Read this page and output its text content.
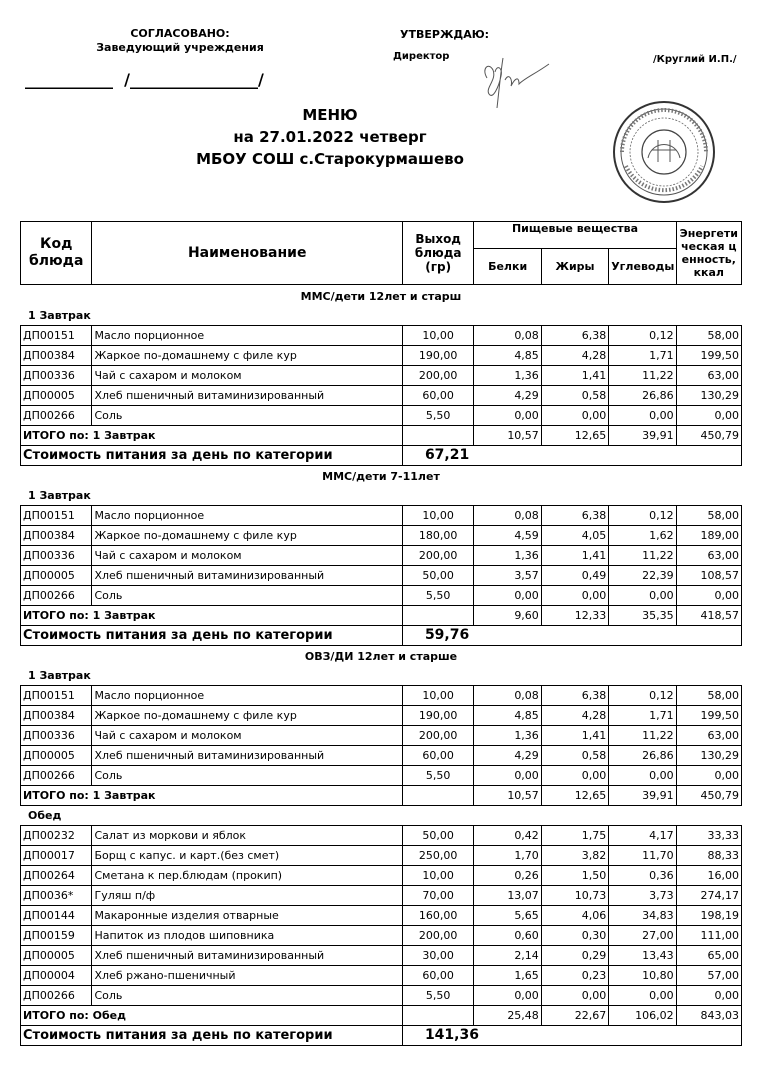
СОГЛАСОВАНО:
Заведующий учреждения
___________  /________________/
УТВЕРЖДАЮ:
Директор	/Круглий И.П./
МЕНЮ
на 27.01.2022 четверг
МБОУ СОШ с.Старокурмашево
Код блюда	Наименование	Выход блюда (гр)	Пищевые вещества			Энергетическая ценность, ккал
			Белки	Жиры	Углеводы	
ММС/дети 12лет и старш
1 Завтрак
ДП00151	Масло порционное	10,00	0,08	6,38	0,12	58,00
ДП00384	Жаркое по-домашнему с филе кур	190,00	4,85	4,28	1,71	199,50
ДП00336	Чай с сахаром и молоком	200,00	1,36	1,41	11,22	63,00
ДП00005	Хлеб пшеничный витаминизированный	60,00	4,29	0,58	26,86	130,29
ДП00266	Соль	5,50	0,00	0,00	0,00	0,00
ИТОГО по: 1 Завтрак			10,57	12,65	39,91	450,79
Стоимость питания за день по категории		67,21				
ММС/дети 7-11лет
1 Завтрак
ДП00151	Масло порционное	10,00	0,08	6,38	0,12	58,00
ДП00384	Жаркое по-домашнему с филе кур	180,00	4,59	4,05	1,62	189,00
ДП00336	Чай с сахаром и молоком	200,00	1,36	1,41	11,22	63,00
ДП00005	Хлеб пшеничный витаминизированный	50,00	3,57	0,49	22,39	108,57
ДП00266	Соль	5,50	0,00	0,00	0,00	0,00
ИТОГО по: 1 Завтрак			9,60	12,33	35,35	418,57
Стоимость питания за день по категории		59,76				
ОВЗ/ДИ 12лет и старше
1 Завтрак
ДП00151	Масло порционное	10,00	0,08	6,38	0,12	58,00
ДП00384	Жаркое по-домашнему с филе кур	190,00	4,85	4,28	1,71	199,50
ДП00336	Чай с сахаром и молоком	200,00	1,36	1,41	11,22	63,00
ДП00005	Хлеб пшеничный витаминизированный	60,00	4,29	0,58	26,86	130,29
ДП00266	Соль	5,50	0,00	0,00	0,00	0,00
ИТОГО по: 1 Завтрак			10,57	12,65	39,91	450,79
Обед
ДП00232	Салат из моркови и яблок	50,00	0,42	1,75	4,17	33,33
ДП00017	Борщ с капус. и карт.(без смет)	250,00	1,70	3,82	11,70	88,33
ДП00264	Сметана к пер.блюдам (прокип)	10,00	0,26	1,50	0,36	16,00
ДП0036*	Гуляш п/ф	70,00	13,07	10,73	3,73	274,17
ДП00144	Макаронные изделия отварные	160,00	5,65	4,06	34,83	198,19
ДП00159	Напиток из плодов шиповника	200,00	0,60	0,30	27,00	111,00
ДП00005	Хлеб пшеничный витаминизированный	30,00	2,14	0,29	13,43	65,00
ДП00004	Хлеб ржано-пшеничный	60,00	1,65	0,23	10,80	57,00
ДП00266	Соль	5,50	0,00	0,00	0,00	0,00
ИТОГО по: Обед			25,48	22,67	106,02	843,03
Стоимость питания за день по категории		141,36				
